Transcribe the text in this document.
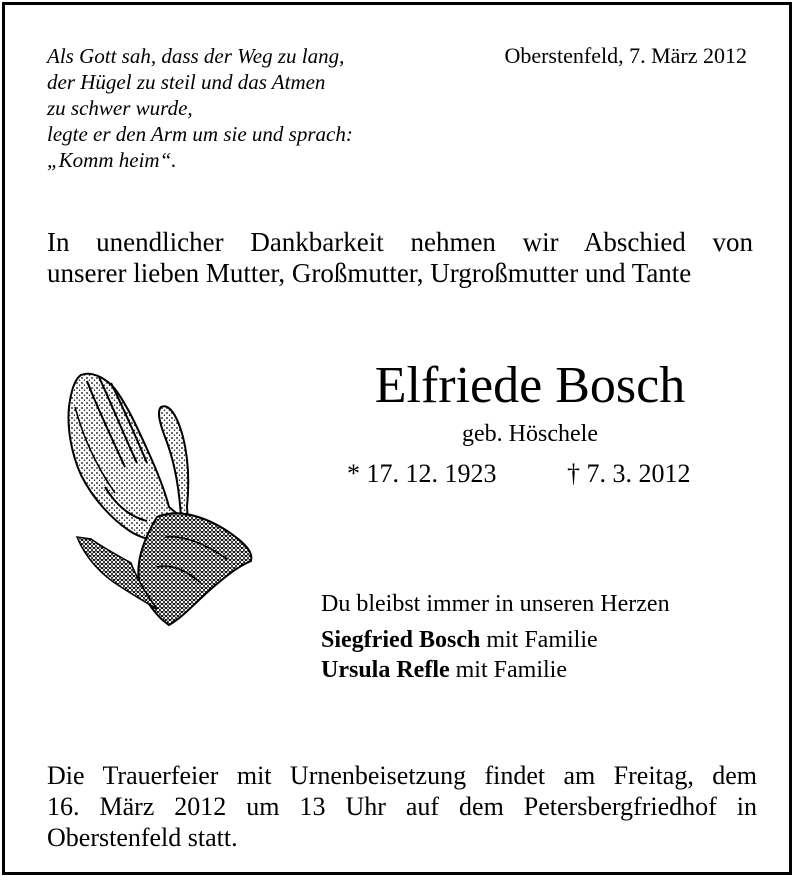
Als Gott sah, dass der Weg zu lang,
der Hügel zu steil und das Atmen
zu schwer wurde,
legte er den Arm um sie und sprach:
„Komm heim“.
Oberstenfeld, 7. März 2012
In unendlicher Dankbarkeit nehmen wir Abschied von
unserer lieben Mutter, Großmutter, Urgroßmutter und Tante
Elfriede Bosch
geb. Höschele
* 17. 12. 1923	† 7. 3. 2012
Du bleibst immer in unseren Herzen
Siegfried Bosch mit Familie
Ursula Refle mit Familie
Die Trauerfeier mit Urnenbeisetzung findet am Freitag, dem
16. März 2012 um 13 Uhr auf dem Petersbergfriedhof in
Oberstenfeld statt.
